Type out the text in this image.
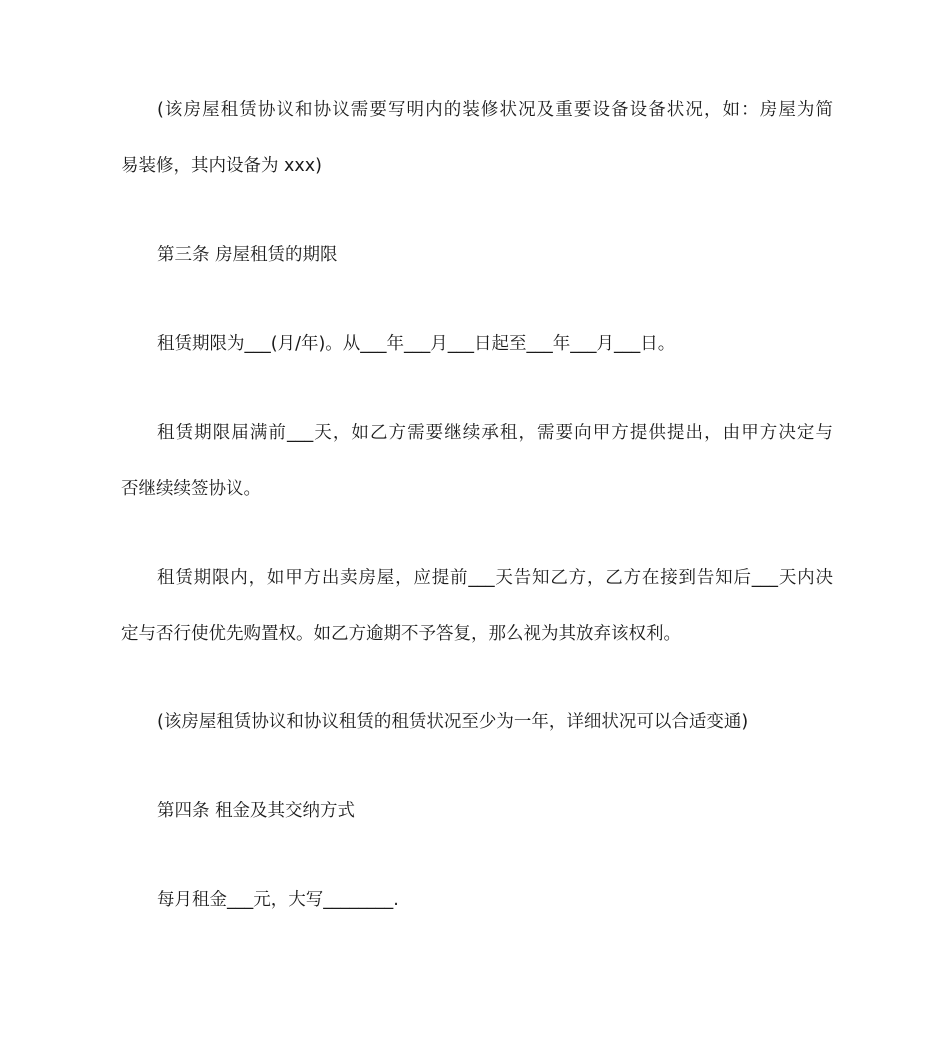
(该房屋租赁协议和协议需要写明内的装修状况及重要设备设备状况，如：房屋为简
易装修，其内设备为 xxx)
第三条 房屋租赁的期限
租赁期限为___(月/年)。从___年___月___日起至___年___月___日。
租赁期限届满前___天，如乙方需要继续承租，需要向甲方提供提出，由甲方决定与
否继续续签协议。
租赁期限内，如甲方出卖房屋，应提前___天告知乙方，乙方在接到告知后___天内决
定与否行使优先购置权。如乙方逾期不予答复，那么视为其放弃该权利。
(该房屋租赁协议和协议租赁的租赁状况至少为一年，详细状况可以合适变通)
第四条 租金及其交纳方式
每月租金___元，大写________.
